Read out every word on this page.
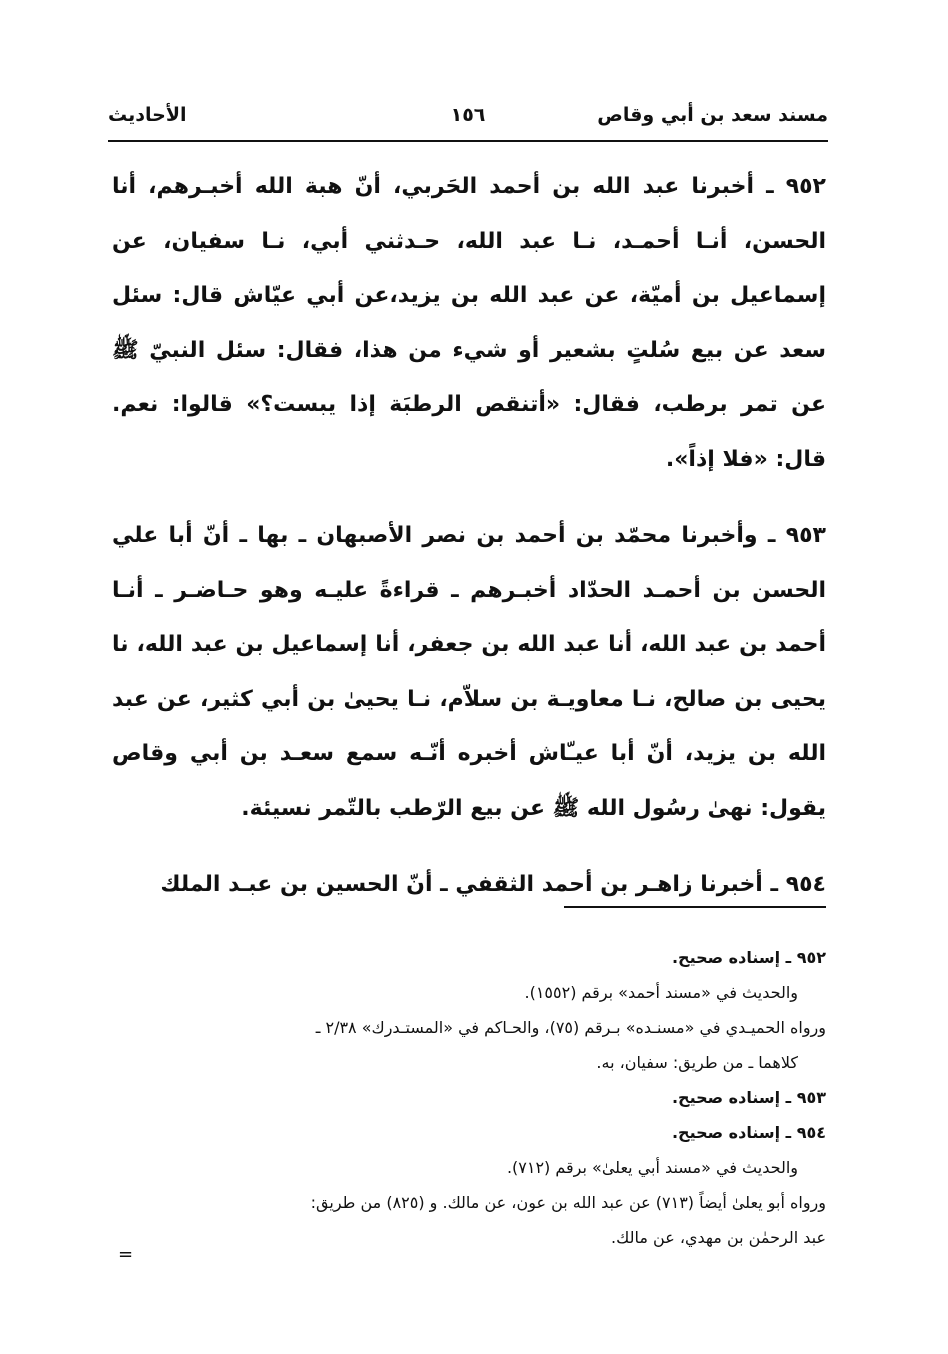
مسند سعد بن أبي وقاص
١٥٦
الأحاديث

٩٥٢ ـ أخبرنا عبد الله بن أحمد الحَربي، أنّ هبة الله أخبـرهم، أنا الحسن، أنـا أحمـد، نـا عبد الله، حـدثني أبي، نـا سفيان، عن إسماعيل بن أميّة، عن عبد الله بن يزيد،عن أبي عيّاش قال: سئل سعد عن بيع سُلتٍ بشعير أو شيء من هذا، فقال: سئل النبيّ ﷺ عن تمر برطب، فقال: «أتنقص الرطبَة إذا يبست؟» قالوا: نعم. قال: «فلا إذاً».

٩٥٣ ـ وأخبرنا محمّد بن أحمد بن نصر الأصبهان ـ بها ـ أنّ أبا علي الحسن بن أحمـد الحدّاد أخبـرهم ـ قراءةً عليـه وهو حـاضـر ـ أنـا أحمد بن عبد الله، أنا عبد الله بن جعفر، أنا إسماعيل بن عبد الله، نا يحيى بن صالح، نـا معاويـة بن سلاّم، نـا يحيىٰ بن أبي كثير، عن عبد الله بن يزيد، أنّ أبا عيـّاش أخبره أنّـه سمع سعـد بن أبي وقاص يقول: نهىٰ رسُول الله ﷺ عن بيع الرّطب بالتّمر نسيئة.

٩٥٤ ـ أخبرنا زاهـر بن أحمد الثقفي ـ أنّ الحسين بن عبـد الملك

٩٥٢ ـ إسناده صحيح.
والحديث في «مسند أحمد» برقم (١٥٥٢).
ورواه الحميـدي في «مسنـده» بـرقم (٧٥)، والحـاكم في «المستـدرك» ٢/٣٨ ـ
كلاهما ـ من طريق: سفيان، به.
٩٥٣ ـ إسناده صحيح.
٩٥٤ ـ إسناده صحيح.
والحديث في «مسند أبي يعلىٰ» برقم (٧١٢).
ورواه أبو يعلىٰ أيضاً (٧١٣) عن عبد الله بن عون، عن مالك. و (٨٢٥) من طريق:
عبد الرحمٰن بن مهدي، عن مالك.
=
